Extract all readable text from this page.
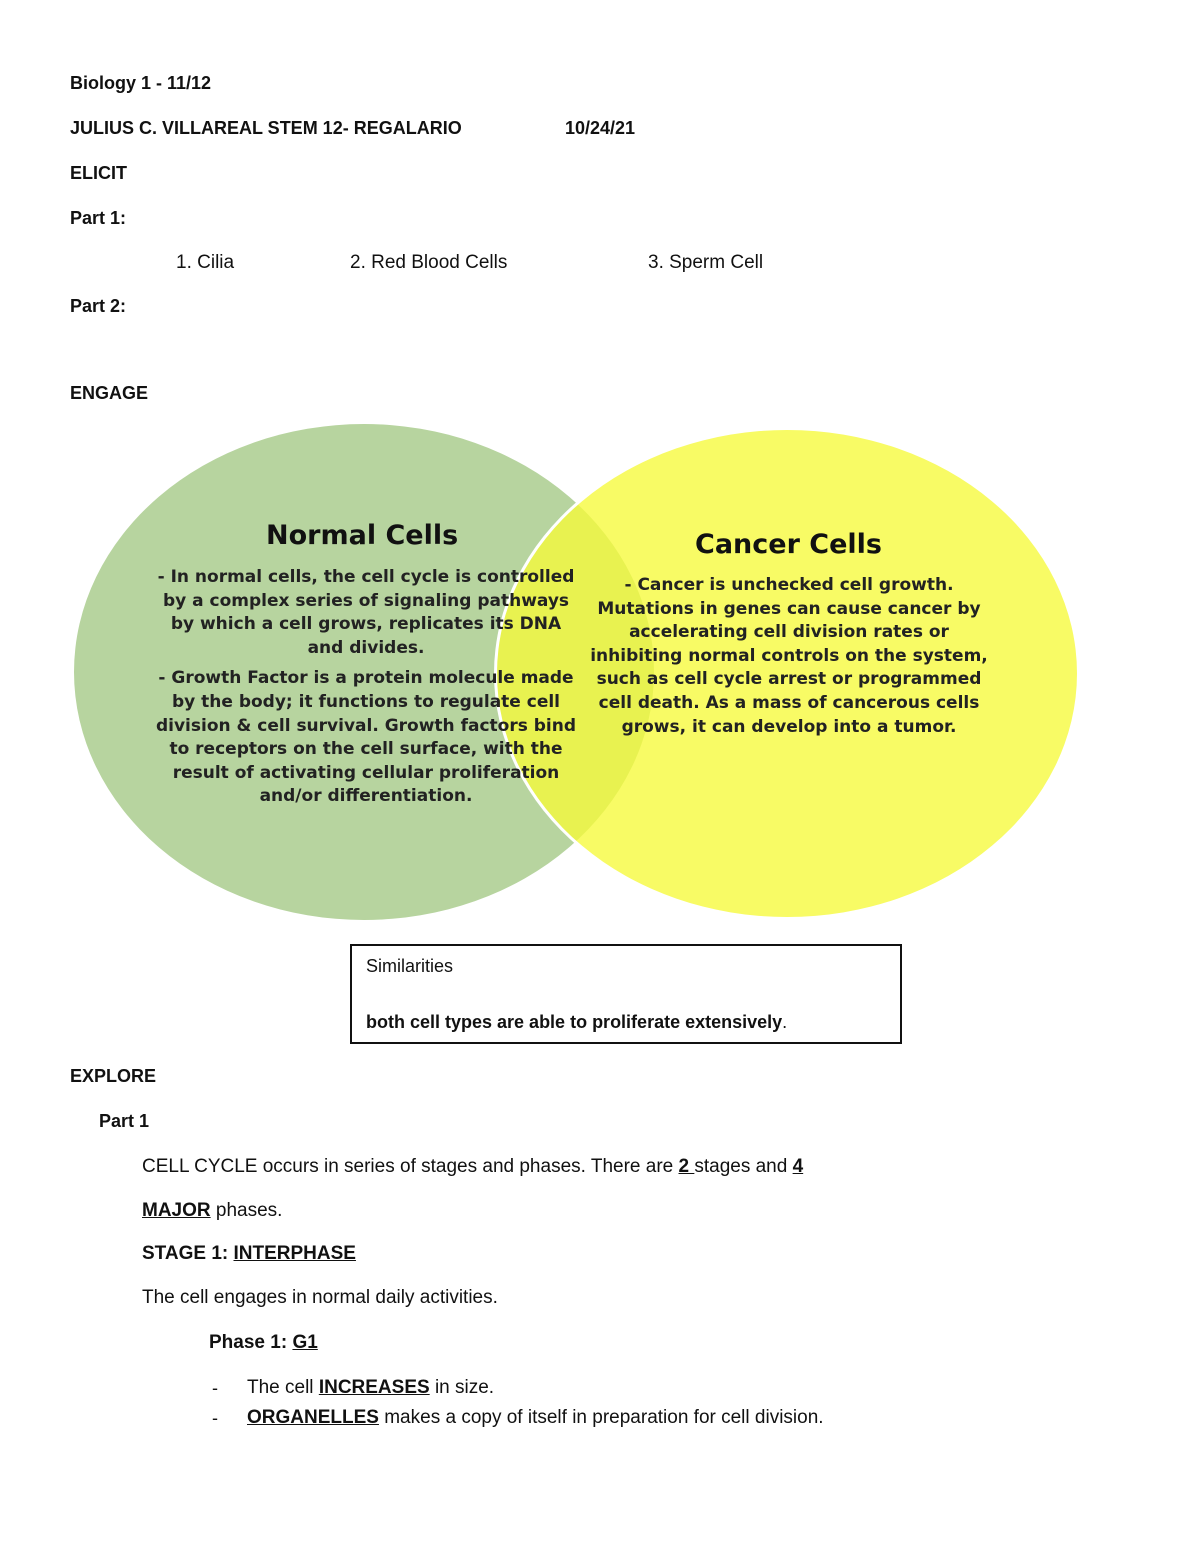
Biology 1 - 11/12
JULIUS C. VILLAREAL STEM 12- REGALARIO	10/24/21
ELICIT
Part 1:
1. Cilia	2. Red Blood Cells	3. Sperm Cell
Part 2:
ENGAGE
Normal Cells

- In normal cells, the cell cycle is controlled by a complex series of signaling pathways by which a cell grows, replicates its DNA and divides.

- Growth Factor is a protein molecule made by the body; it functions to regulate cell division & cell survival. Growth factors bind to receptors on the cell surface, with the result of activating cellular proliferation and/or differentiation.

Cancer Cells

- Cancer is unchecked cell growth. Mutations in genes can cause cancer by accelerating cell division rates or inhibiting normal controls on the system, such as cell cycle arrest or programmed cell death. As a mass of cancerous cells grows, it can develop into a tumor.

Similarities
both cell types are able to proliferate extensively.
EXPLORE
Part 1
CELL CYCLE occurs in series of stages and phases. There are 2 stages and 4
MAJOR phases.
STAGE 1: INTERPHASE
The cell engages in normal daily activities.
Phase 1: G1
- The cell INCREASES in size.
- ORGANELLES makes a copy of itself in preparation for cell division.
